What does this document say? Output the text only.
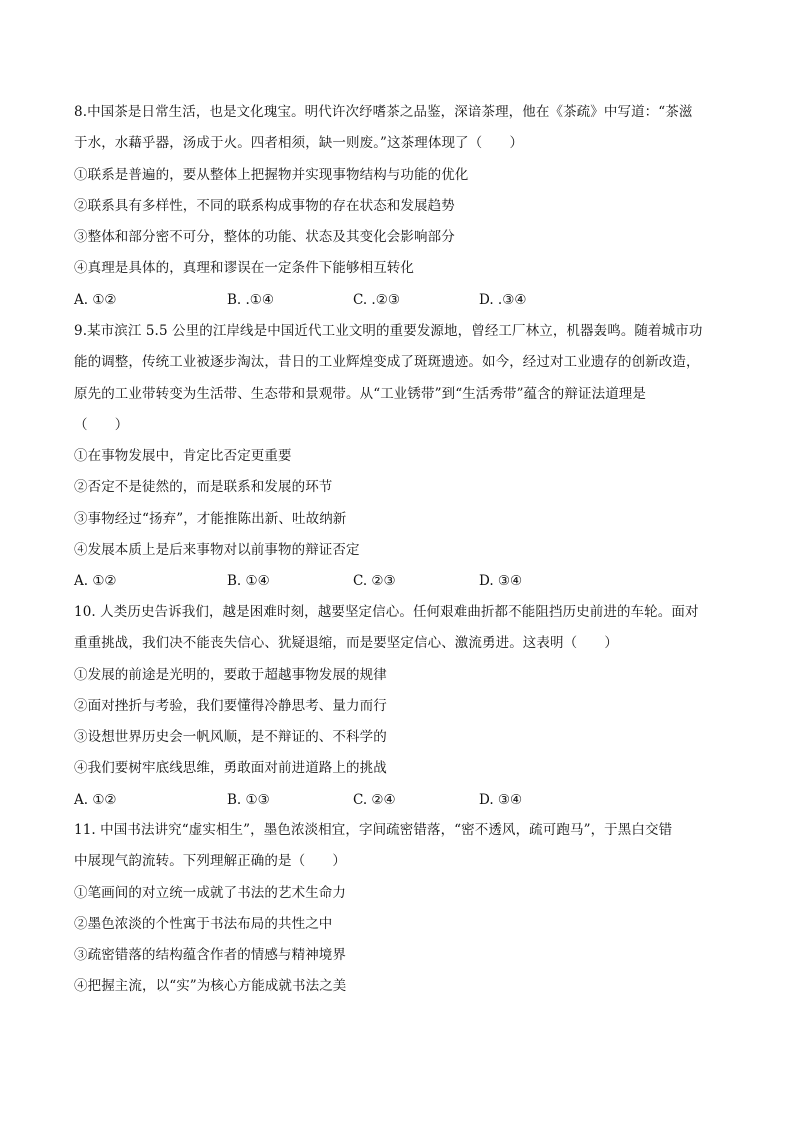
8.中国茶是日常生活，也是文化瑰宝。明代许次纾嗜茶之品鉴，深谙茶理，他在《茶疏》中写道：“茶滋
于水，水藉乎器，汤成于火。四者相须，缺一则废。”这茶理体现了（　　）
①联系是普遍的，要从整体上把握物并实现事物结构与功能的优化
②联系具有多样性，不同的联系构成事物的存在状态和发展趋势
③整体和部分密不可分，整体的功能、状态及其变化会影响部分
④真理是具体的，真理和谬误在一定条件下能够相互转化
A. ①②	B. .①④	C. .②③	D. .③④
9.某市滨江 5.5 公里的江岸线是中国近代工业文明的重要发源地，曾经工厂林立，机器轰鸣。随着城市功
能的调整，传统工业被逐步淘汰，昔日的工业辉煌变成了斑斑遗迹。如今，经过对工业遗存的创新改造，
原先的工业带转变为生活带、生态带和景观带。从“工业锈带”到“生活秀带”蕴含的辩证法道理是
（　　）
①在事物发展中，肯定比否定更重要
②否定不是徒然的，而是联系和发展的环节
③事物经过“扬弃”，才能推陈出新、吐故纳新
④发展本质上是后来事物对以前事物的辩证否定
A. ①②	B. ①④	C. ②③	D. ③④
10. 人类历史告诉我们，越是困难时刻，越要坚定信心。任何艰难曲折都不能阻挡历史前进的车轮。面对
重重挑战，我们决不能丧失信心、犹疑退缩，而是要坚定信心、激流勇进。这表明（　　）
①发展的前途是光明的，要敢于超越事物发展的规律
②面对挫折与考验，我们要懂得冷静思考、量力而行
③设想世界历史会一帆风顺，是不辩证的、不科学的
④我们要树牢底线思维，勇敢面对前进道路上的挑战
A. ①②	B. ①③	C. ②④	D. ③④
11. 中国书法讲究“虚实相生”，墨色浓淡相宜，字间疏密错落，“密不透风，疏可跑马”，于黑白交错
中展现气韵流转。下列理解正确的是（　　）
①笔画间的对立统一成就了书法的艺术生命力
②墨色浓淡的个性寓于书法布局的共性之中
③疏密错落的结构蕴含作者的情感与精神境界
④把握主流，以“实”为核心方能成就书法之美
